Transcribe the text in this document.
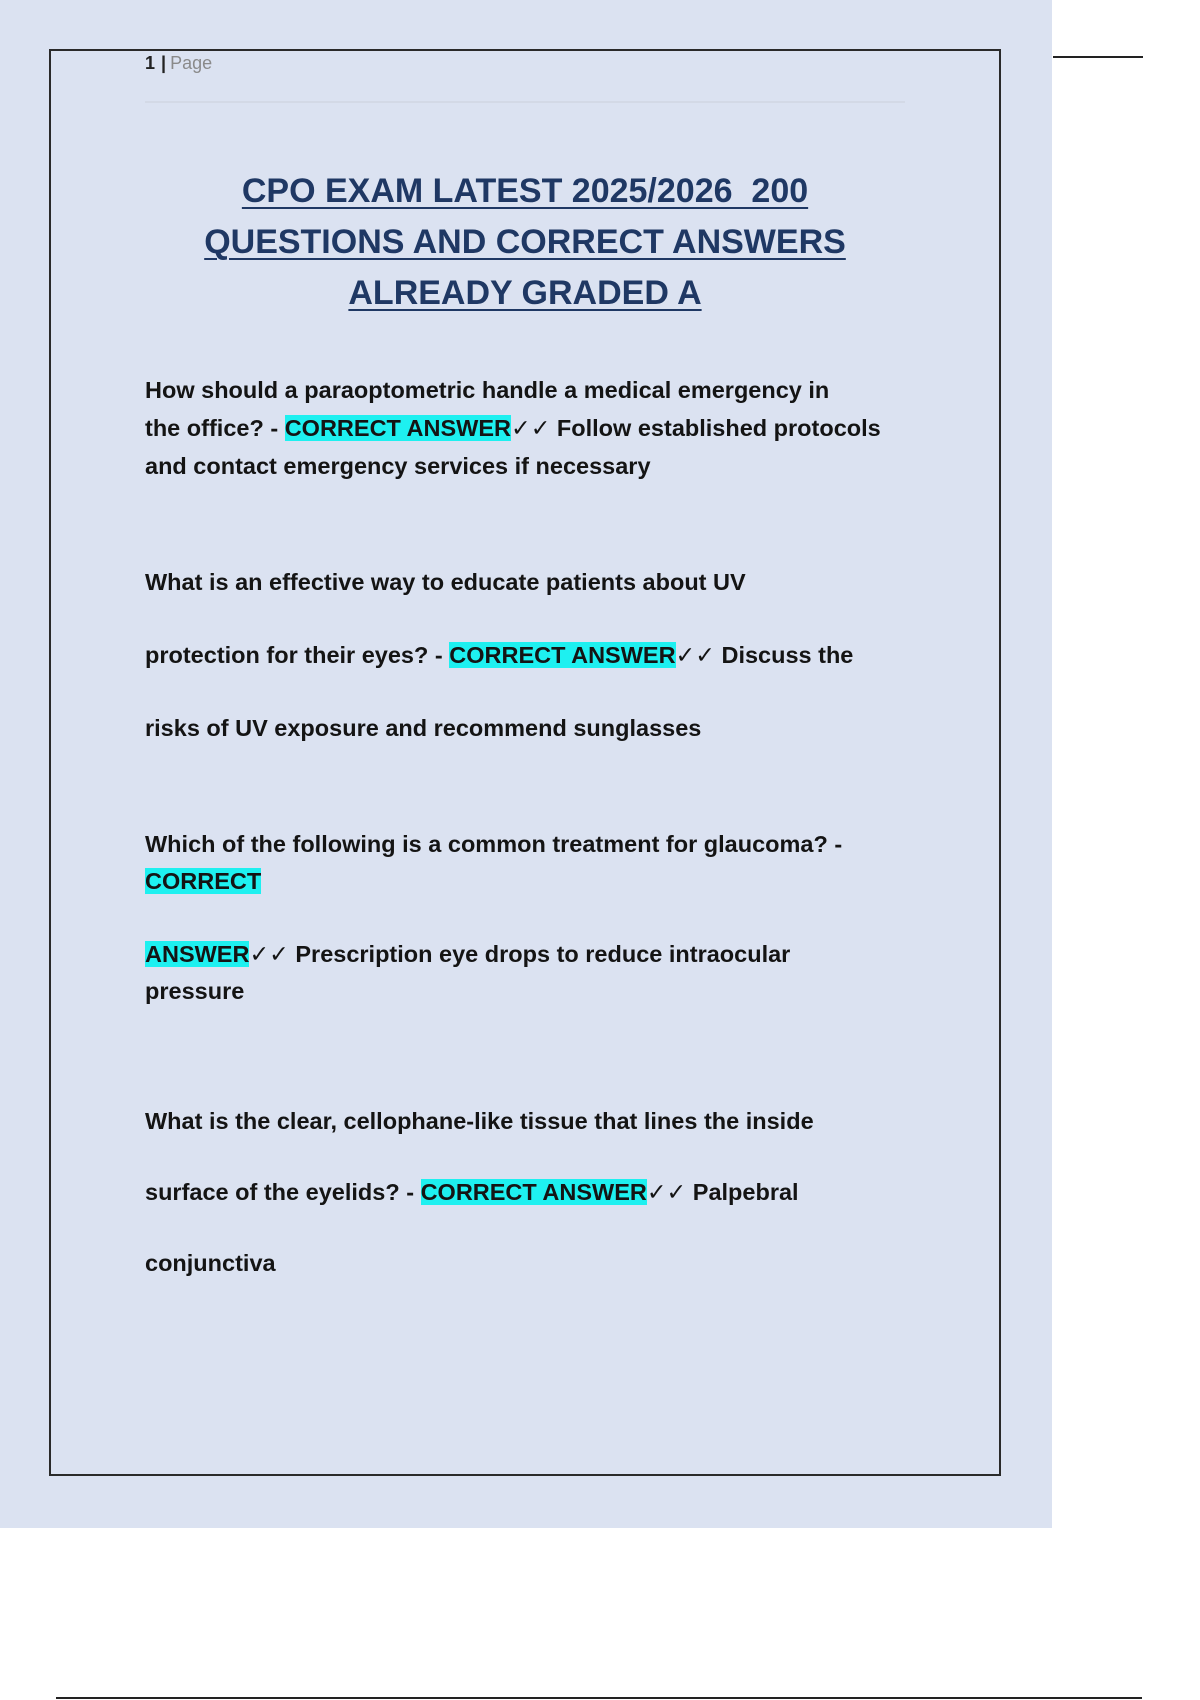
1 | Page
CPO EXAM LATEST 2025/2026  200
QUESTIONS AND CORRECT ANSWERS
ALREADY GRADED A

How should a paraoptometric handle a medical emergency in
the office? - CORRECT ANSWER✓✓ Follow established protocols
and contact emergency services if necessary

What is an effective way to educate patients about UV
protection for their eyes? - CORRECT ANSWER✓✓ Discuss the
risks of UV exposure and recommend sunglasses

Which of the following is a common treatment for glaucoma? -
CORRECT
ANSWER✓✓ Prescription eye drops to reduce intraocular
pressure

What is the clear, cellophane-like tissue that lines the inside
surface of the eyelids? - CORRECT ANSWER✓✓ Palpebral
conjunctiva
